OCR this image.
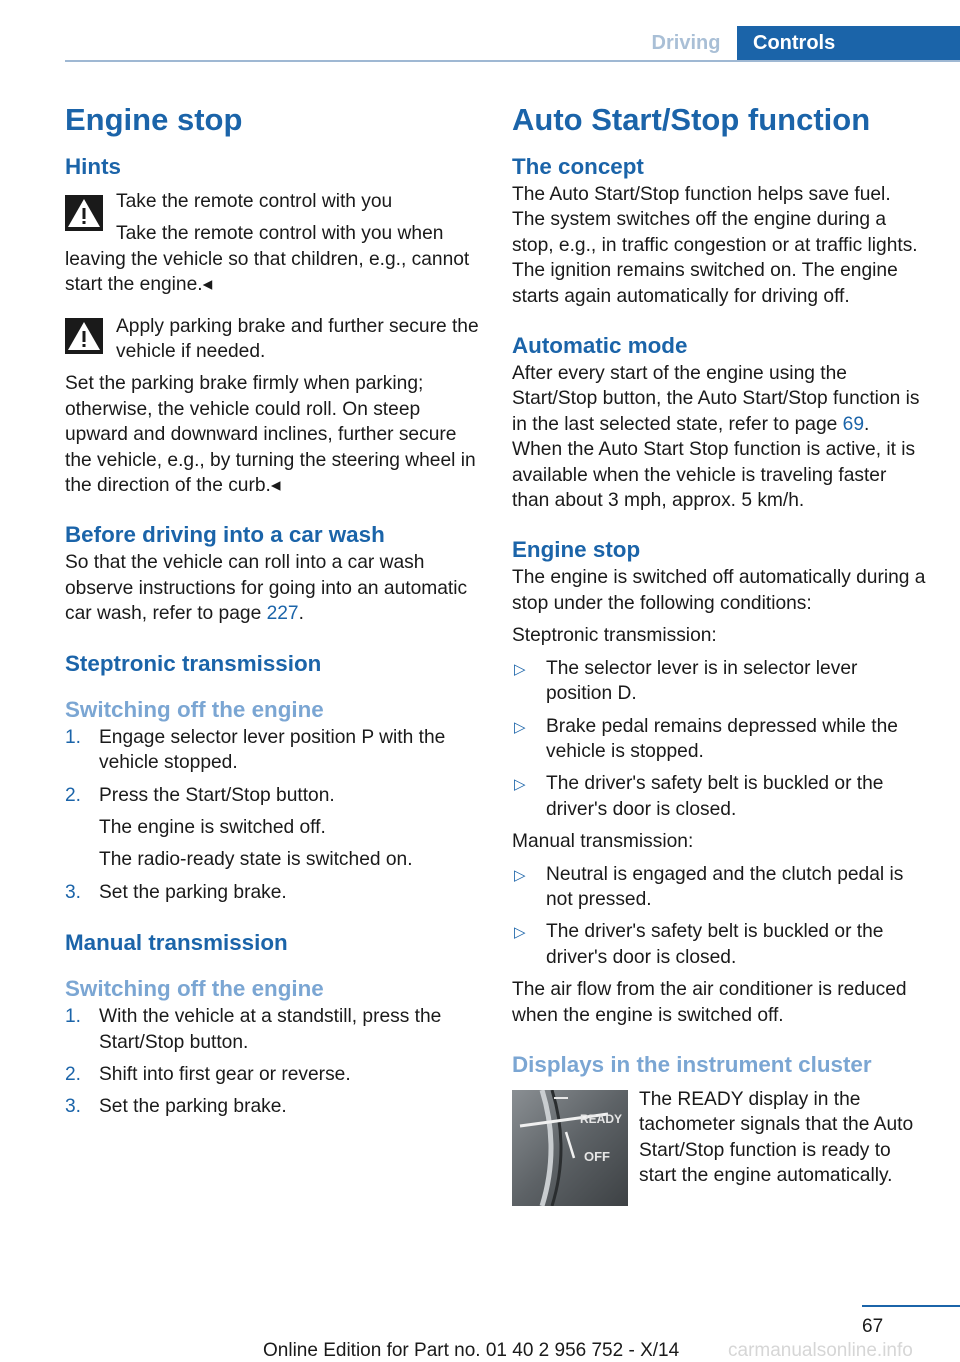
Driving	Controls
Engine stop
Hints

Take the remote control with you

Take the remote control with you when leaving the vehicle so that children, e.g., cannot start the engine.◂

Apply parking brake and further secure the vehicle if needed.

Set the parking brake firmly when parking; otherwise, the vehicle could roll. On steep upward and downward inclines, further secure the vehicle, e.g., by turning the steering wheel in the direction of the curb.◂

Before driving into a car wash

So that the vehicle can roll into a car wash observe instructions for going into an automatic car wash, refer to page 227.

Steptronic transmission
Switching off the engine
1. Engage selector lever position P with the vehicle stopped.
2. Press the Start/Stop button.
The engine is switched off.
The radio-ready state is switched on.
3. Set the parking brake.
Manual transmission
Switching off the engine
1. With the vehicle at a standstill, press the Start/Stop button.
2. Shift into first gear or reverse.
3. Set the parking brake.
Auto Start/Stop function
The concept

The Auto Start/Stop function helps save fuel. The system switches off the engine during a stop, e.g., in traffic congestion or at traffic lights. The ignition remains switched on. The engine starts again automatically for driving off.

Automatic mode

After every start of the engine using the Start/Stop button, the Auto Start/Stop function is in the last selected state, refer to page 69.

When the Auto Start Stop function is active, it is available when the vehicle is traveling faster than about 3 mph, approx. 5 km/h.

Engine stop

The engine is switched off automatically during a stop under the following conditions:

Steptronic transmission:

▷ The selector lever is in selector lever position D.
▷ Brake pedal remains depressed while the vehicle is stopped.
▷ The driver's safety belt is buckled or the driver's door is closed.

Manual transmission:

▷ Neutral is engaged and the clutch pedal is not pressed.
▷ The driver's safety belt is buckled or the driver's door is closed.

The air flow from the air conditioner is reduced when the engine is switched off.

Displays in the instrument cluster
READY
OFF

The READY display in the tachometer signals that the Auto Start/Stop function is ready to start the engine automatically.

67
Online Edition for Part no. 01 40 2 956 752 - X/14	carmanualsonline.info
